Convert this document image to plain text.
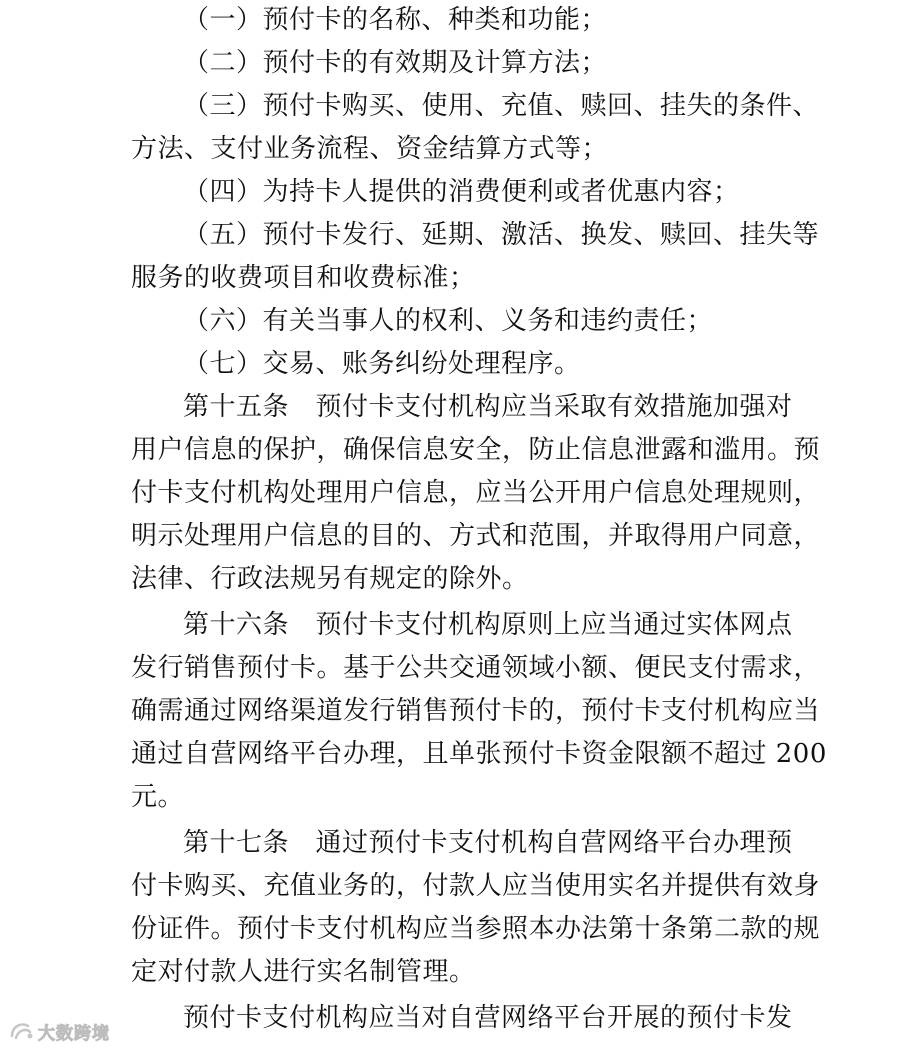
（一）预付卡的名称、种类和功能；
（二）预付卡的有效期及计算方法；
（三）预付卡购买、使用、充值、赎回、挂失的条件、
方法、支付业务流程、资金结算方式等；
（四）为持卡人提供的消费便利或者优惠内容；
（五）预付卡发行、延期、激活、换发、赎回、挂失等
服务的收费项目和收费标准；
（六）有关当事人的权利、义务和违约责任；
（七）交易、账务纠纷处理程序。
第十五条　预付卡支付机构应当采取有效措施加强对
用户信息的保护，确保信息安全，防止信息泄露和滥用。预
付卡支付机构处理用户信息，应当公开用户信息处理规则，
明示处理用户信息的目的、方式和范围，并取得用户同意，
法律、行政法规另有规定的除外。
第十六条　预付卡支付机构原则上应当通过实体网点
发行销售预付卡。基于公共交通领域小额、便民支付需求，
确需通过网络渠道发行销售预付卡的，预付卡支付机构应当
通过自营网络平台办理，且单张预付卡资金限额不超过 200
元。
第十七条　通过预付卡支付机构自营网络平台办理预
付卡购买、充值业务的，付款人应当使用实名并提供有效身
份证件。预付卡支付机构应当参照本办法第十条第二款的规
定对付款人进行实名制管理。
预付卡支付机构应当对自营网络平台开展的预付卡发
大数跨境
